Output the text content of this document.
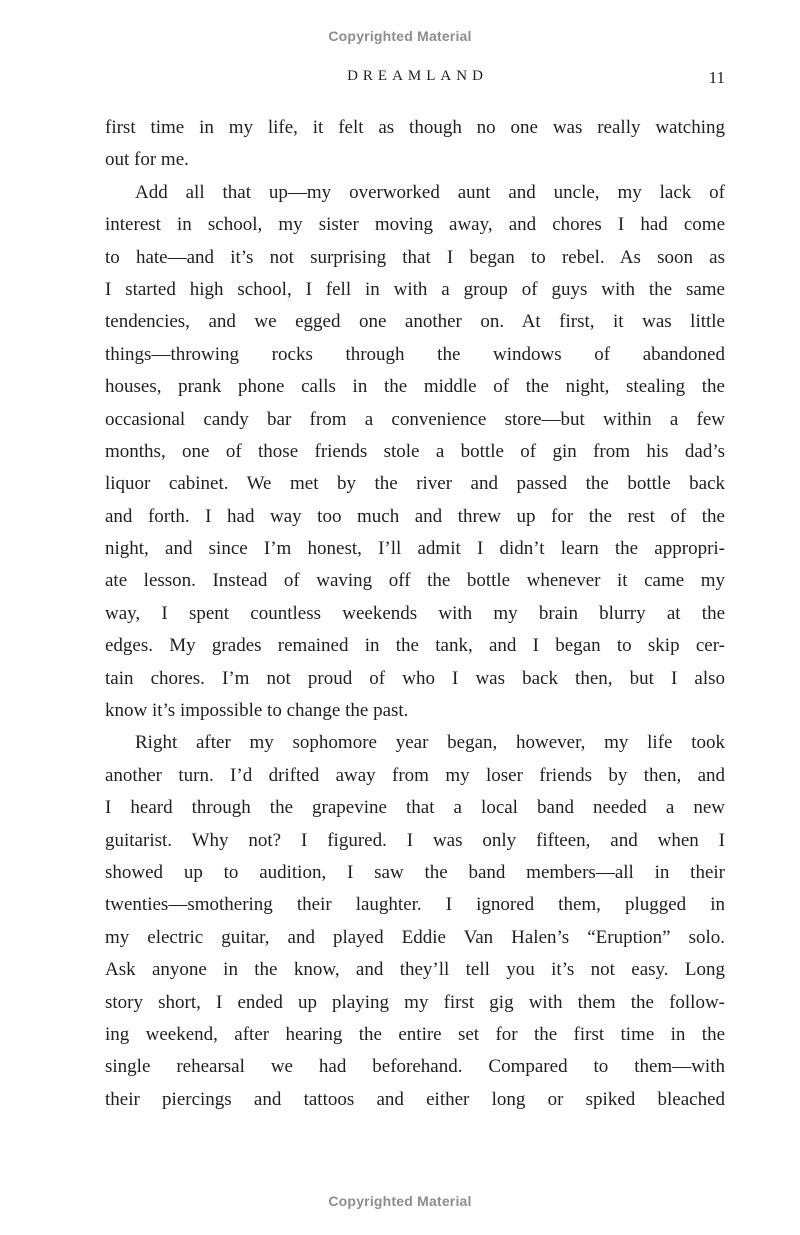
Copyrighted Material
DREAMLAND	11
first time in my life, it felt as though no one was really watching
out for me.
Add all that up—my overworked aunt and uncle, my lack of
interest in school, my sister moving away, and chores I had come
to hate—and it’s not surprising that I began to rebel. As soon as
I started high school, I fell in with a group of guys with the same
tendencies, and we egged one another on. At first, it was little
things—throwing rocks through the windows of abandoned
houses, prank phone calls in the middle of the night, stealing the
occasional candy bar from a convenience store—but within a few
months, one of those friends stole a bottle of gin from his dad’s
liquor cabinet. We met by the river and passed the bottle back
and forth. I had way too much and threw up for the rest of the
night, and since I’m honest, I’ll admit I didn’t learn the appropri-
ate lesson. Instead of waving off the bottle whenever it came my
way, I spent countless weekends with my brain blurry at the
edges. My grades remained in the tank, and I began to skip cer-
tain chores. I’m not proud of who I was back then, but I also
know it’s impossible to change the past.
Right after my sophomore year began, however, my life took
another turn. I’d drifted away from my loser friends by then, and
I heard through the grapevine that a local band needed a new
guitarist. Why not? I figured. I was only fifteen, and when I
showed up to audition, I saw the band members—all in their
twenties—smothering their laughter. I ignored them, plugged in
my electric guitar, and played Eddie Van Halen’s “Eruption” solo.
Ask anyone in the know, and they’ll tell you it’s not easy. Long
story short, I ended up playing my first gig with them the follow-
ing weekend, after hearing the entire set for the first time in the
single rehearsal we had beforehand. Compared to them—with
their piercings and tattoos and either long or spiked bleached
Copyrighted Material
